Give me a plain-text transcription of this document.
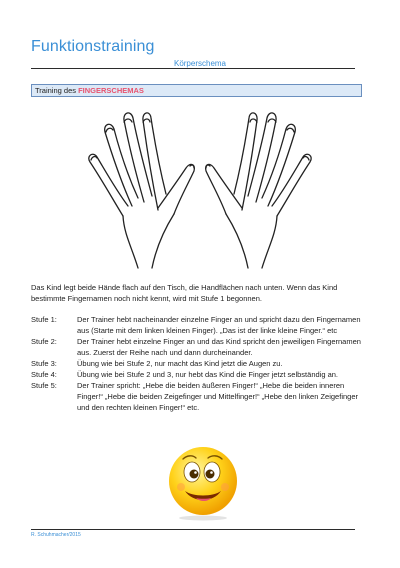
Funktionstraining
Körperschema
Training des FINGERSCHEMAS
Das Kind legt beide Hände flach auf den Tisch, die Handflächen nach unten. Wenn das Kind bestimmte Fingernamen noch nicht kennt, wird mit Stufe 1 begonnen.
Stufe 1:	Der Trainer hebt nacheinander einzelne Finger an und spricht dazu den Fingernamen aus (Starte mit dem linken kleinen Finger). „Das ist der linke kleine Finger.“ etc
Stufe 2:	Der Trainer hebt einzelne Finger an und das Kind spricht den jeweiligen Fingernamen aus. Zuerst der Reihe nach und dann durcheinander.
Stufe 3:	Übung wie bei Stufe 2, nur macht das Kind jetzt die Augen zu.
Stufe 4:	Übung wie bei Stufe 2 und 3, nur hebt das Kind die Finger jetzt selbständig an.
Stufe 5:	Der Trainer spricht: „Hebe die beiden äußeren Finger!“ „Hebe die beiden inneren Finger!“ „Hebe die beiden Zeigefinger und Mittelfinger!“ „Hebe den linken Zeigefinger und den rechten kleinen Finger!“ etc.
R. Schuhmacher/2015
